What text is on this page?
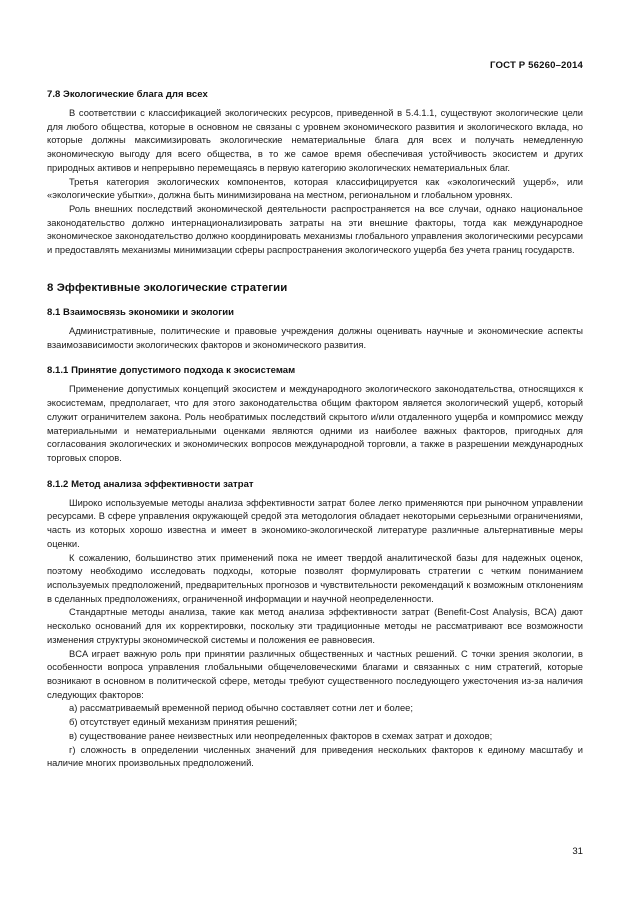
ГОСТ Р 56260–2014
7.8 Экологические блага для всех

В соответствии с классификацией экологических ресурсов, приведенной в 5.4.1.1, существуют экологические цели для любого общества, которые в основном не связаны с уровнем экономического развития и экологического вклада, но которые должны максимизировать экологические нематериальные блага для всех и получать немедленную экономическую выгоду для всего общества, в то же самое время обеспечивая устойчивость экосистем и других природных активов и непрерывно перемещаясь в первую категорию экологических нематериальных благ.

Третья категория экологических компонентов, которая классифицируется как «экологический ущерб», или «экологические убытки», должна быть минимизирована на местном, региональном и глобальном уровнях.

Роль внешних последствий экономической деятельности распространяется на все случаи, однако национальное законодательство должно интернационализировать затраты на эти внешние факторы, тогда как международное экономическое законодательство должно координировать механизмы глобального управления экологическими ресурсами и предоставлять механизмы минимизации сферы распространения экологического ущерба без учета границ государств.

8 Эффективные экологические стратегии
8.1 Взаимосвязь экономики и экологии

Административные, политические и правовые учреждения должны оценивать научные и экономические аспекты взаимозависимости экологических факторов и экономического развития.

8.1.1 Принятие допустимого подхода к экосистемам

Применение допустимых концепций экосистем и международного экологического законодательства, относящихся к экосистемам, предполагает, что для этого законодательства общим фактором является экологический ущерб, который служит ограничителем закона. Роль необратимых последствий скрытого и/или отдаленного ущерба и компромисс между материальными и нематериальными оценками являются одними из наиболее важных факторов, пригодных для согласования экологических и экономических вопросов международной торговли, а также в разрешении международных торговых споров.

8.1.2 Метод анализа эффективности затрат

Широко используемые методы анализа эффективности затрат более легко применяются при рыночном управлении ресурсами. В сфере управления окружающей средой эта методология обладает некоторыми серьезными ограничениями, часть из которых хорошо известна и имеет в экономико-экологической литературе различные альтернативные меры оценки.

К сожалению, большинство этих применений пока не имеет твердой аналитической базы для надежных оценок, поэтому необходимо исследовать подходы, которые позволят формулировать стратегии с четким пониманием используемых предположений, предварительных прогнозов и чувствительности рекомендаций к возможным отклонениям в сделанных предположениях, ограниченной информации и научной неопределенности.

Стандартные методы анализа, такие как метод анализа эффективности затрат (Benefit-Cost Analysis, BCA) дают несколько оснований для их корректировки, поскольку эти традиционные методы не рассматривают все возможности изменения структуры экономической системы и положения ее равновесия.

BCA играет важную роль при принятии различных общественных и частных решений. С точки зрения экологии, в особенности вопроса управления глобальными общечеловеческими благами и связанных с ним стратегий, которые возникают в основном в политической сфере, методы требуют существенного последующего ужесточения из-за наличия следующих факторов:

а) рассматриваемый временной период обычно составляет сотни лет и более;

б) отсутствует единый механизм принятия решений;

в) существование ранее неизвестных или неопределенных факторов в схемах затрат и доходов;

г) сложность в определении численных значений для приведения нескольких факторов к единому масштабу и наличие многих произвольных предположений.

31
